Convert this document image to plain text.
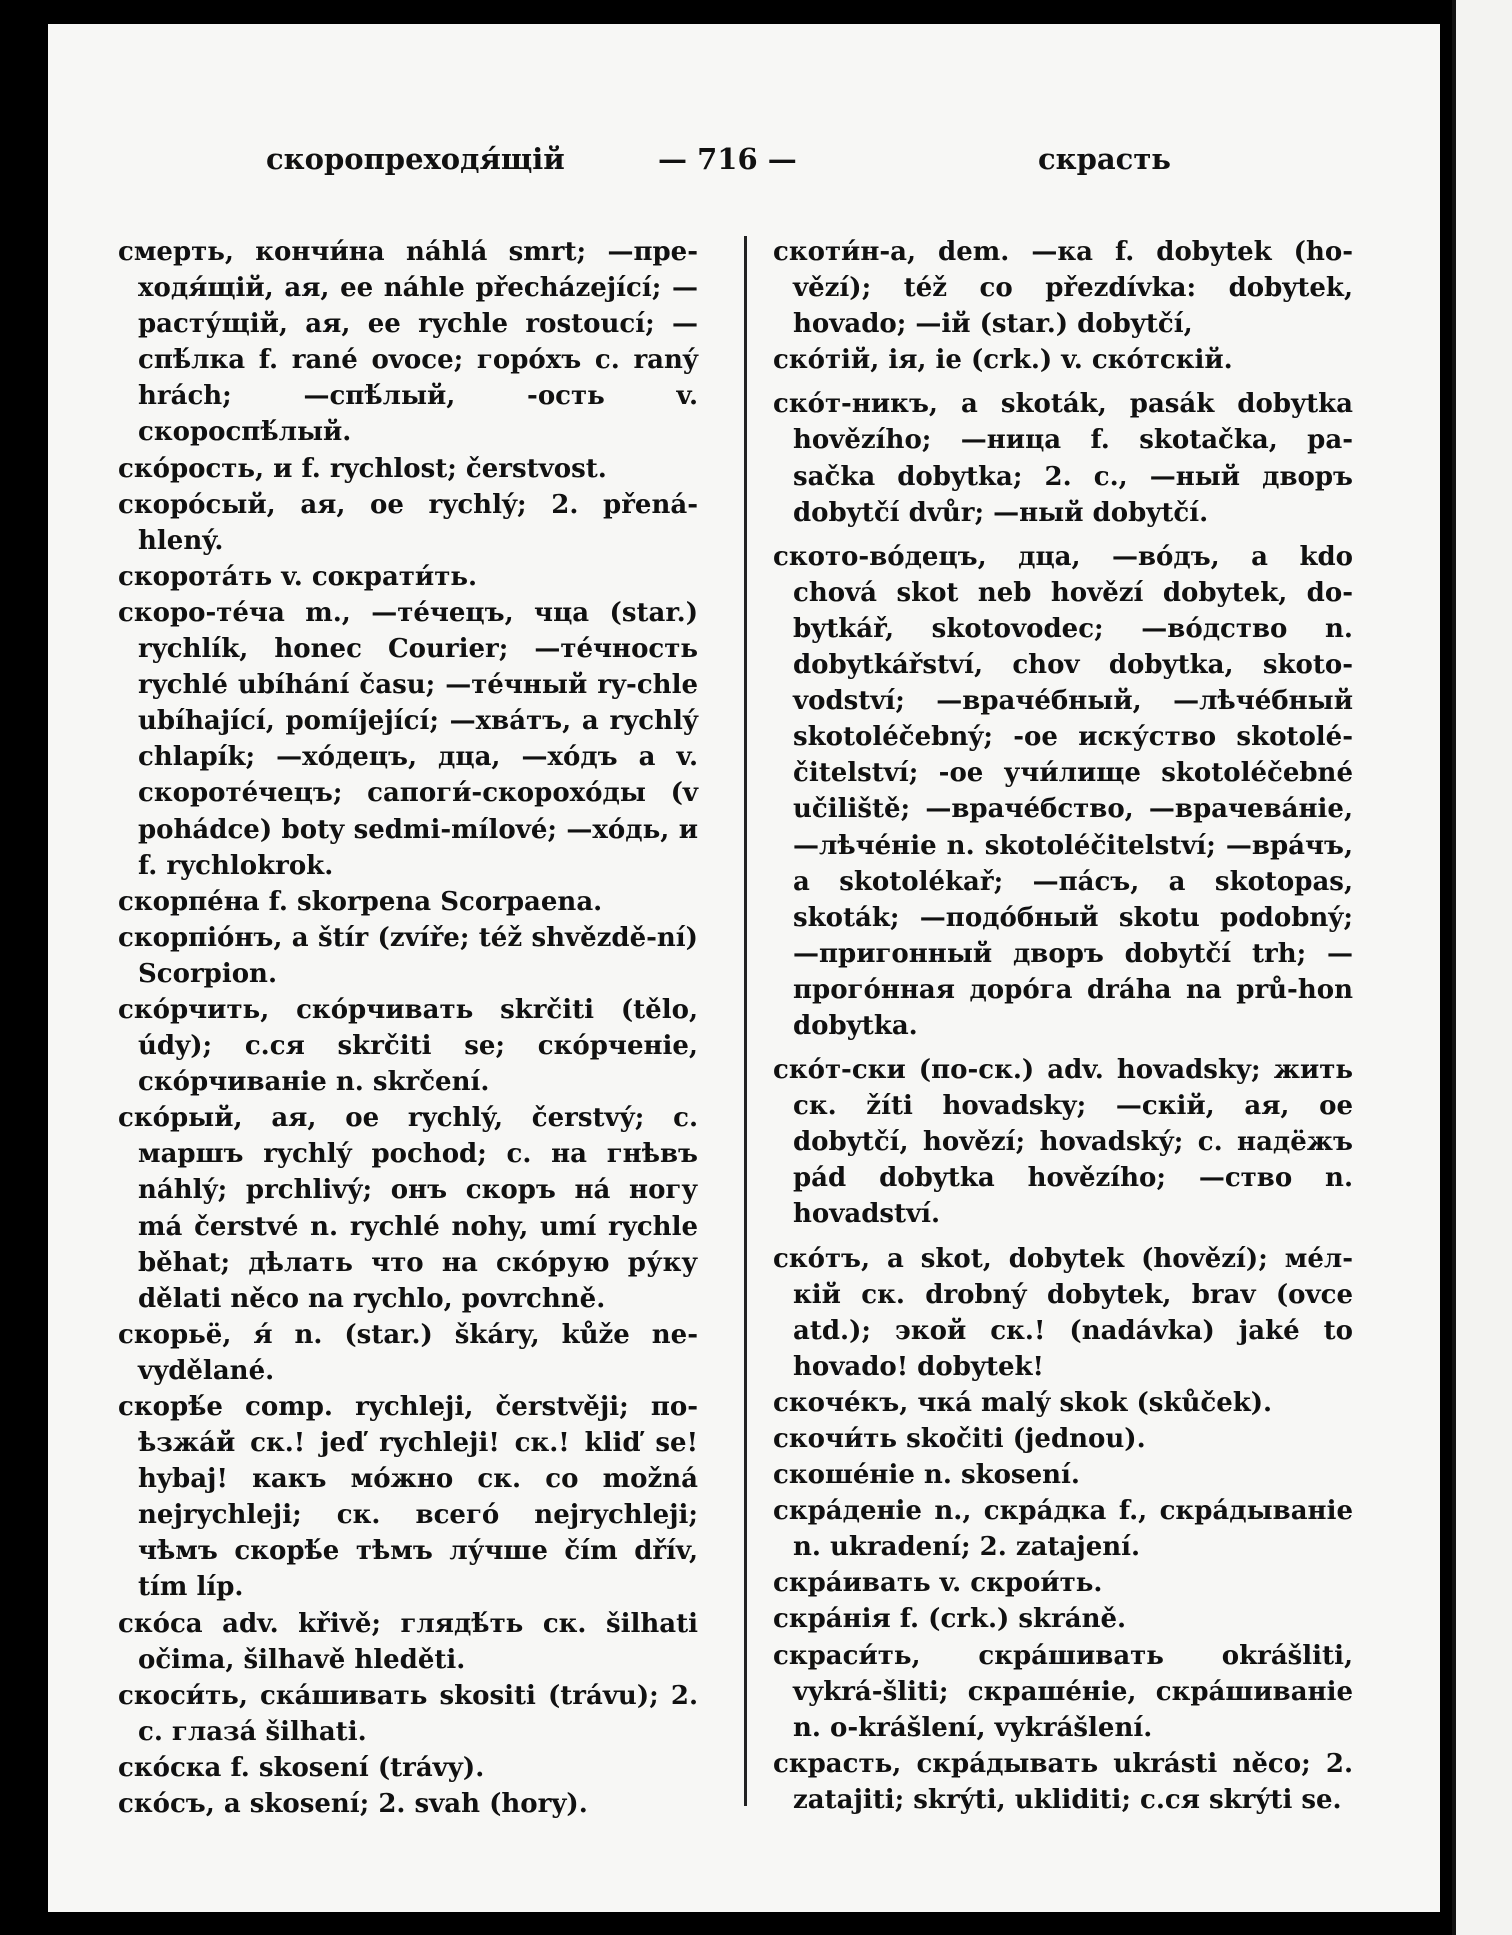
скоропреходя́щій	— 716 —	скрасть

смерть, кончи́на náhlá smrt; —пре-ходя́щій, ая, ее náhle přecházející; —расту́щій, ая, ее rychle rostoucí; —спѣ́лка f. rané ovoce; горо́хъ c. raný hrách; —спѣ́лый, -ость v. скороспѣ́лый.

ско́рость, и f. rychlost; čerstvost.

скоро́сый, ая, ое rychlý; 2. přená-hlený.

скорота́ть v. сократи́ть.

скоро-те́ча m., —те́чецъ, чца (star.) rychlík, honec Courier; —те́чность rychlé ubíhání času; —те́чный ry-chle ubíhající, pomíjející; —хва́тъ, a rychlý chlapík; —хо́децъ, дца, —хо́дъ a v. скороте́чецъ; сапоги́-скорохо́ды (v pohádce) boty sedmi-mílové; —хо́дь, и f. rychlokrok.

скорпе́на f. skorpena Scorpaena.

скорпіо́нъ, a štír (zvíře; též shvězdě-ní) Scorpion.

ско́рчить, ско́рчивать skrčiti (tělo, údy); с.ся skrčiti se; ско́рченіе, ско́рчиваніе n. skrčení.

ско́рый, ая, ое rychlý, čerstvý; с. маршъ rychlý pochod; с. на гнѣвъ náhlý; prchlivý; онъ скоръ на́ ногу má čerstvé n. rychlé nohy, umí rychle běhat; дѣлать что на ско́рую ру́ку dělati něco na rychlo, povrchně.

скорьё, я́ n. (star.) škáry, kůže ne-vydělané.

скорѣ́е comp. rychleji, čerstvěji; по-ѣзжа́й ск.! jeď rychleji! ск.! kliď se! hybaj! какъ мо́жно ск. co možná nejrychleji; ск. всего́ nejrychleji; чѣмъ скорѣ́е тѣмъ лу́чше čím dřív, tím líp.

ско́са adv. křivě; глядѣ́ть ск. šilhati očima, šilhavě hleděti.

скоси́ть, ска́шивать skositi (trávu); 2. с. глаза́ šilhati.

ско́ска f. skosení (trávy).

ско́съ, a skosení; 2. svah (hory).

скоти́н-а, dem. —ка f. dobytek (ho-vězí); též co přezdívka: dobytek, hovado; —ій (star.) dobytčí,

ско́тій, ія, іе (crk.) v. ско́тскій.

ско́т-никъ, a skoták, pasák dobytka hovězího; —ница f. skotačka, pa-sačka dobytka; 2. c., —ный дворъ dobytčí dvůr; —ный dobytčí.

ското-во́децъ, дца, —во́дъ, a kdo chová skot neb hovězí dobytek, do-bytkář, skotovodec; —во́дство n. dobytkářství, chov dobytka, skoto-vodství; —враче́бный, —лѣче́бный skotoléčebný; -ое иску́ство skotolé-čitelství; -ое учи́лище skotoléčebné učiliště; —враче́бство, —врачева́ніе, —лѣче́ніе n. skotoléčitelství; —вра́чъ, a skotolékař; —па́съ, a skotopas, skoták; —подо́бный skotu podobný; —пригонный дворъ dobytčí trh; —прого́нная доро́га dráha na prů-hon dobytka.

ско́т-ски (по-ск.) adv. hovadsky; жить ск. žíti hovadsky; —скій, ая, ое dobytčí, hovězí; hovadský; с. надёжъ pád dobytka hovězího; —ство n. hovadství.

ско́тъ, a skot, dobytek (hovězí); ме́л-кій ск. drobný dobytek, brav (ovce atd.); экой ск.! (nadávka) jaké to hovado! dobytek!

скоче́къ, чка́ malý skok (skůček).

скочи́ть skočiti (jednou).

скоше́ніе n. skosení.

скра́деніе n., скра́дка f., скра́дываніе n. ukradení; 2. zatajení.

скра́ивать v. скрои́ть.

скра́нія f. (crk.) skráně.

скраси́ть, скра́шивать okrášliti, vykrá-šliti; скраше́ніе, скра́шиваніе n. o-krášlení, vykrášlení.

скрасть, скра́дывать ukrásti něco; 2. zatajiti; skrýti, ukliditi; с.ся skrýti se.
